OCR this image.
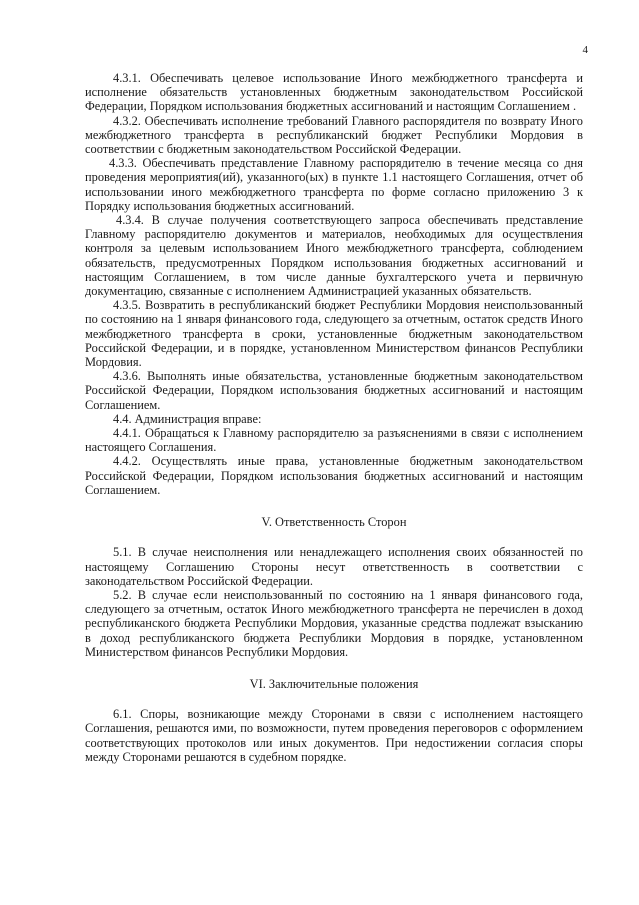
4

4.3.1. Обеспечивать целевое использование Иного межбюджетного трансферта и исполнение обязательств установленных бюджетным законодательством Российской Федерации, Порядком использования бюджетных ассигнований и настоящим Соглашением .

4.3.2. Обеспечивать исполнение требований Главного распорядителя по возврату Иного межбюджетного трансферта в республиканский бюджет Республики Мордовия в соответствии с бюджетным законодательством Российской Федерации.

4.3.3. Обеспечивать представление Главному распорядителю в течение месяца со дня проведения мероприятия(ий), указанного(ых) в пункте 1.1 настоящего Соглашения, отчет об использовании иного межбюджетного трансферта по форме согласно приложению 3 к Порядку использования бюджетных ассигнований.

4.3.4. В случае получения соответствующего запроса обеспечивать представление Главному распорядителю документов и материалов, необходимых для осуществления контроля за целевым использованием Иного межбюджетного трансферта, соблюдением обязательств, предусмотренных Порядком использования бюджетных ассигнований и настоящим Соглашением, в том числе данные бухгалтерского учета и первичную документацию, связанные с исполнением Администрацией указанных обязательств.

4.3.5. Возвратить в республиканский бюджет Республики Мордовия неиспользованный по состоянию на 1 января финансового года, следующего за отчетным, остаток средств Иного межбюджетного трансферта в сроки, установленные бюджетным законодательством Российской Федерации, и в порядке, установленном Министерством финансов Республики Мордовия.

4.3.6. Выполнять иные обязательства, установленные бюджетным законодательством Российской Федерации, Порядком использования бюджетных ассигнований и настоящим Соглашением.

4.4. Администрация вправе:

4.4.1. Обращаться к Главному распорядителю за разъяснениями в связи с исполнением настоящего Соглашения.

4.4.2. Осуществлять иные права, установленные бюджетным законодательством Российской Федерации, Порядком использования бюджетных ассигнований и настоящим Соглашением.

V. Ответственность Сторон

5.1. В случае неисполнения или ненадлежащего исполнения своих обязанностей по настоящему Соглашению Стороны несут ответственность в соответствии с законодательством Российской Федерации.

5.2. В случае если неиспользованный по состоянию на 1 января финансового года, следующего за отчетным, остаток Иного межбюджетного трансферта не перечислен в доход республиканского бюджета Республики Мордовия, указанные средства подлежат взысканию в доход республиканского бюджета Республики Мордовия в порядке, установленном Министерством финансов Республики Мордовия.

VI. Заключительные положения

6.1. Споры, возникающие между Сторонами в связи с исполнением настоящего Соглашения, решаются ими, по возможности, путем проведения переговоров с оформлением соответствующих протоколов или иных документов. При недостижении согласия споры между Сторонами решаются в судебном порядке.
